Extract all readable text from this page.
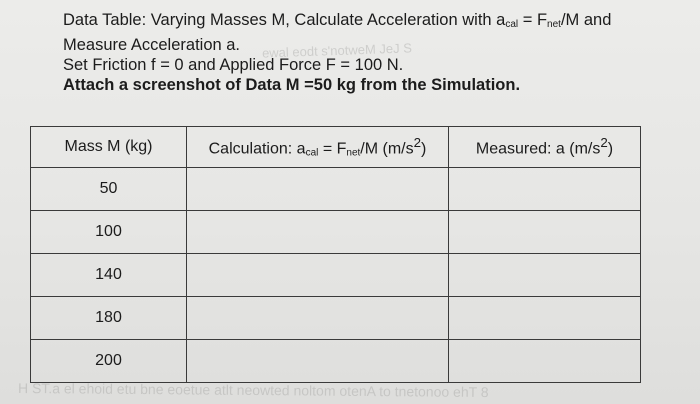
ewal eodt s'notweM JeJ S
H ST.a el ehoid etu bne eoetue atlt neowted noltom otenA to tnetonoo ehT 8

Data Table: Varying Masses M, Calculate Acceleration with $a_{cal} = F_{net}/M$ and

Measure Acceleration a.

Set Friction f = 0 and Applied Force F = 100 N.

Attach a screenshot of Data M =50 kg from the Simulation.

Mass M (kg)	Calculation: $a_{cal} = F_{net}/M$ $(m/s^2)$	Measured: a $(m/s^2)$
50		
100		
140		
180		
200		
